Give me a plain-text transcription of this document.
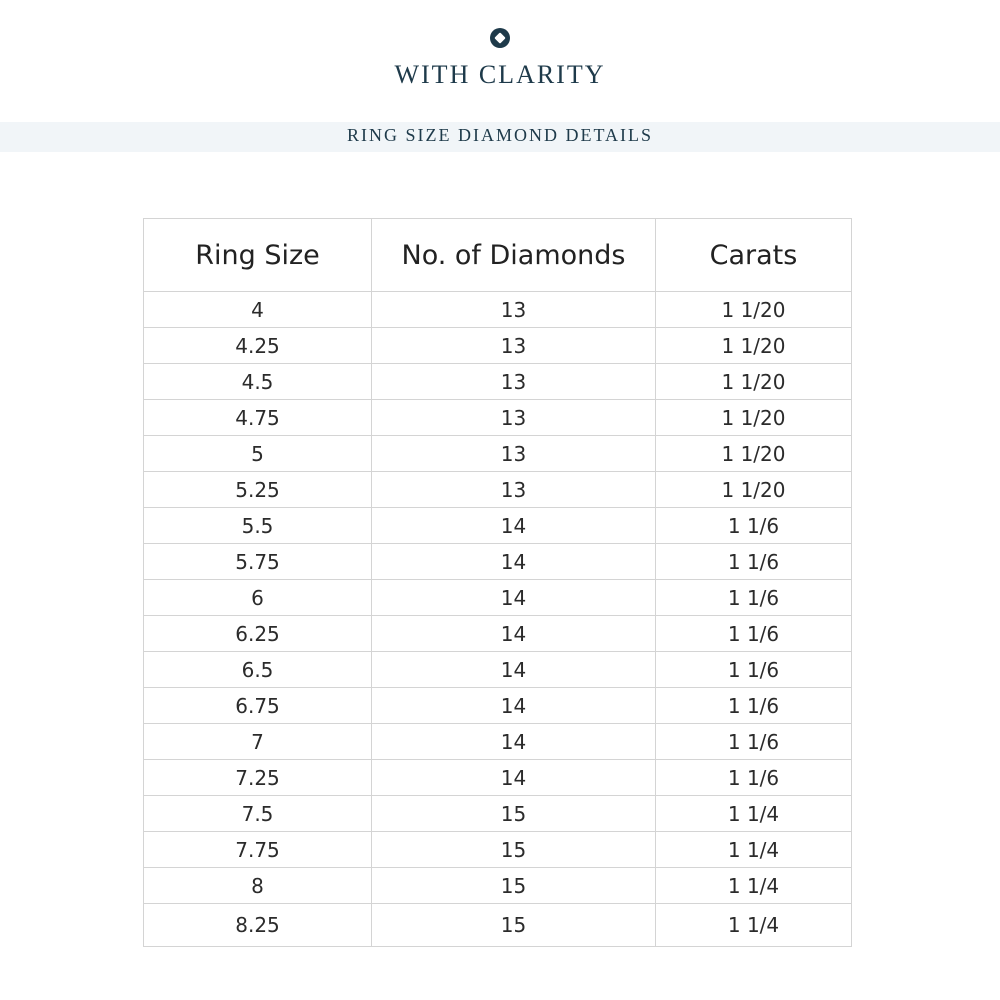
WITH CLARITY
RING SIZE DIAMOND DETAILS
Ring Size	No. of Diamonds	Carats
4	13	1 1/20
4.25	13	1 1/20
4.5	13	1 1/20
4.75	13	1 1/20
5	13	1 1/20
5.25	13	1 1/20
5.5	14	1 1/6
5.75	14	1 1/6
6	14	1 1/6
6.25	14	1 1/6
6.5	14	1 1/6
6.75	14	1 1/6
7	14	1 1/6
7.25	14	1 1/6
7.5	15	1 1/4
7.75	15	1 1/4
8	15	1 1/4
8.25	15	1 1/4
